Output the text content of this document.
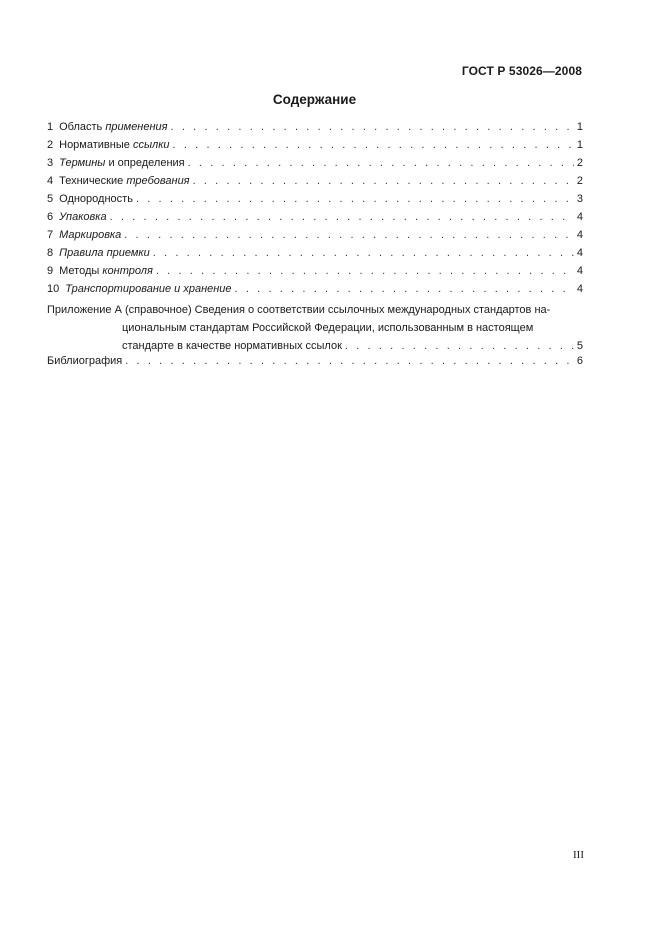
ГОСТ Р 53026—2008
Содержание
1 Область применения . . .	1
2 Нормативные ссылки . . .	1
3 Термины и определения . . .	2
4 Технические требования . . .	2
5 Однородность . . .	3
6 Упаковка . . .	4
7 Маркировка . . .	4
8 Правила приемки . . .	4
9 Методы контроля . . .	4
10 Транспортирование и хранение . . .	4
Приложение А (справочное) Сведения о соответствии ссылочных международных стандартов на-
циональным стандартам Российской Федерации, использованным в настоящем
стандарте в качестве нормативных ссылок . . .	5
Библиография . . .	6
III
